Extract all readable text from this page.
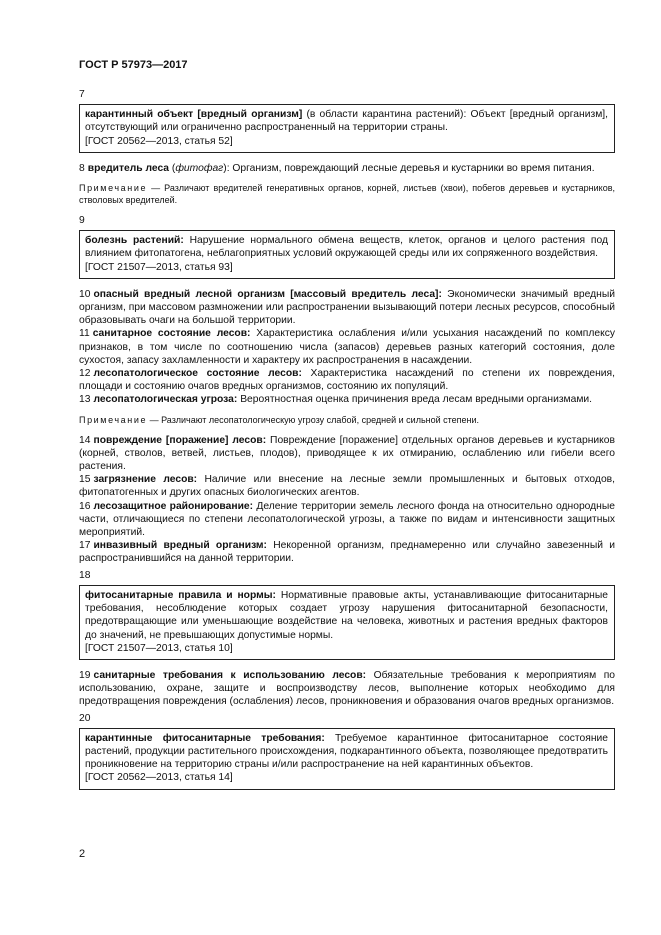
ГОСТ Р 57973—2017
7
карантинный объект [вредный организм] (в области карантина растений): Объект [вредный организм], отсутствующий или ограниченно распространенный на территории страны.
[ГОСТ 20562—2013, статья 52]

8 вредитель леса (фитофаг): Организм, повреждающий лесные деревья и кустарники во время питания.

Примечание — Различают вредителей генеративных органов, корней, листьев (хвои), побегов деревьев и кустарников, стволовых вредителей.
9
болезнь растений: Нарушение нормального обмена веществ, клеток, органов и целого растения под влиянием фитопатогена, неблагоприятных условий окружающей среды или их сопряженного воздействия.
[ГОСТ 21507—2013, статья 93]

10 опасный вредный лесной организм [массовый вредитель леса]: Экономически значимый вредный организм, при массовом размножении или распространении вызывающий потери лесных ресурсов, способный образовывать очаги на большой территории.

11 санитарное состояние лесов: Характеристика ослабления и/или усыхания насаждений по комплексу признаков, в том числе по соотношению числа (запасов) деревьев разных категорий состояния, доле сухостоя, запасу захламленности и характеру их распространения в насаждении.

12 лесопатологическое состояние лесов: Характеристика насаждений по степени их повреждения, площади и состоянию очагов вредных организмов, состоянию их популяций.

13 лесопатологическая угроза: Вероятностная оценка причинения вреда лесам вредными организмами.

Примечание — Различают лесопатологическую угрозу слабой, средней и сильной степени.

14 повреждение [поражение] лесов: Повреждение [поражение] отдельных органов деревьев и кустарников (корней, стволов, ветвей, листьев, плодов), приводящее к их отмиранию, ослаблению или гибели всего растения.

15 загрязнение лесов: Наличие или внесение на лесные земли промышленных и бытовых отходов, фитопатогенных и других опасных биологических агентов.

16 лесозащитное районирование: Деление территории земель лесного фонда на относительно однородные части, отличающиеся по степени лесопатологической угрозы, а также по видам и интенсивности защитных мероприятий.

17 инвазивный вредный организм: Некоренной организм, преднамеренно или случайно завезенный и распространившийся на данной территории.

18
фитосанитарные правила и нормы: Нормативные правовые акты, устанавливающие фитосанитарные требования, несоблюдение которых создает угрозу нарушения фитосанитарной безопасности, предотвращающие или уменьшающие воздействие на человека, животных и растения вредных факторов до значений, не превышающих допустимые нормы.
[ГОСТ 21507—2013, статья 10]

19 санитарные требования к использованию лесов: Обязательные требования к мероприятиям по использованию, охране, защите и воспроизводству лесов, выполнение которых необходимо для предотвращения повреждения (ослабления) лесов, проникновения и образования очагов вредных организмов.

20
карантинные фитосанитарные требования: Требуемое карантинное фитосанитарное состояние растений, продукции растительного происхождения, подкарантинного объекта, позволяющее предотвратить проникновение на территорию страны и/или распространение на ней карантинных объектов.
[ГОСТ 20562—2013, статья 14]
2
